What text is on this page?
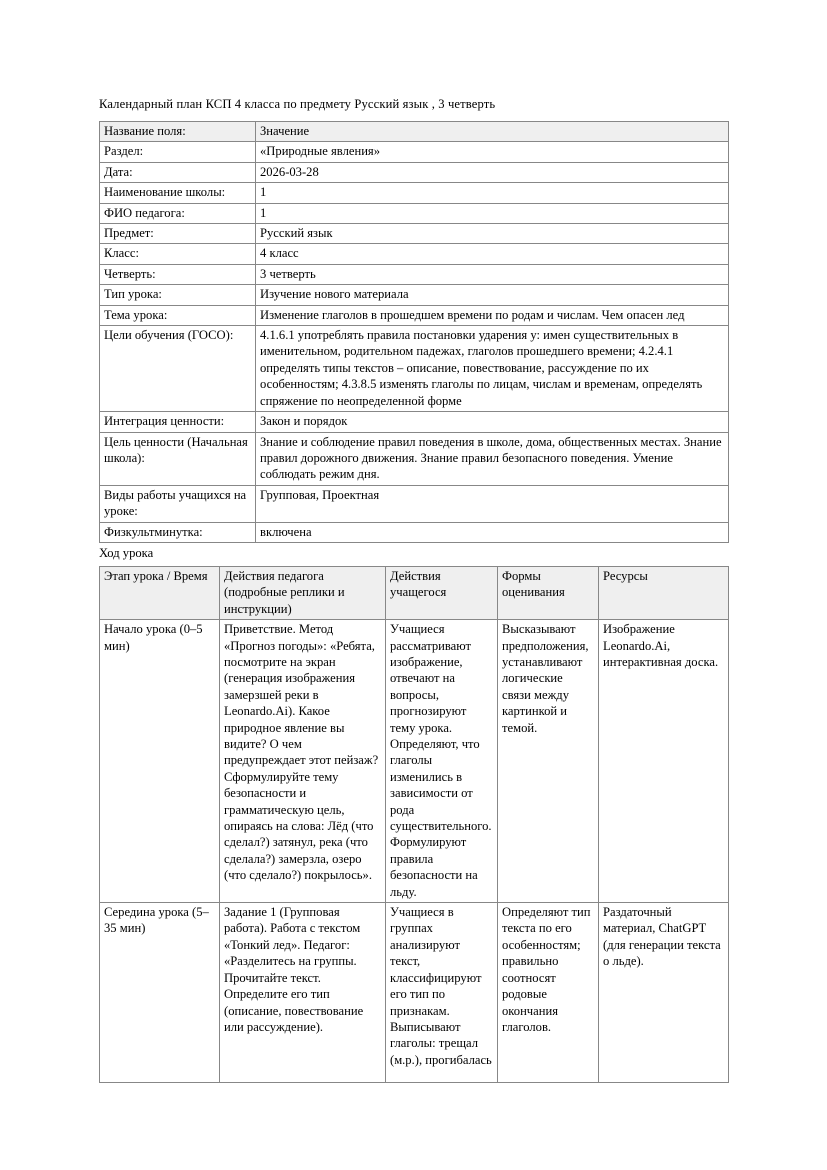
Календарный план КСП 4 класса по предмету Русский язык , 3 четверть
Название поля:	Значение
Раздел:	«Природные явления»
Дата:	2026-03-28
Наименование школы:	1
ФИО педагога:	1
Предмет:	Русский язык
Класс:	4 класс
Четверть:	3 четверть
Тип урока:	Изучение нового материала
Тема урока:	Изменение глаголов в прошедшем времени по родам и числам. Чем опасен лед
Цели обучения (ГОСО):	4.1.6.1 употреблять правила постановки ударения у: имен существительных в именительном, родительном падежах, глаголов прошедшего времени; 4.2.4.1 определять типы текстов – описание, повествование, рассуждение по их особенностям; 4.3.8.5 изменять глаголы по лицам, числам и временам, определять спряжение по неопределенной форме
Интеграция ценности:	Закон и порядок
Цель ценности (Начальная школа):	Знание и соблюдение правил поведения в школе, дома, общественных местах. Знание правил дорожного движения. Знание правил безопасного поведения. Умение соблюдать режим дня.
Виды работы учащихся на уроке:	Групповая, Проектная
Физкультминутка:	включена
Ход урока
Этап урока / Время	Действия педагога (подробные реплики и инструкции)	Действия учащегося	Формы оценивания	Ресурсы
Начало урока (0–5 мин)	Приветствие. Метод «Прогноз погоды»: «Ребята, посмотрите на экран (генерация изображения замерзшей реки в Leonardo.Ai). Какое природное явление вы видите? О чем предупреждает этот пейзаж? Сформулируйте тему безопасности и грамматическую цель, опираясь на слова: Лёд (что сделал?) затянул, река (что сделала?) замерзла, озеро (что сделало?) покрылось».	Учащиеся рассматривают изображение, отвечают на вопросы, прогнозируют тему урока. Определяют, что глаголы изменились в зависимости от рода существительного. Формулируют правила безопасности на льду.	Высказывают предположения, устанавливают логические связи между картинкой и темой.	Изображение Leonardo.Ai, интерактивная доска.
Середина урока (5–35 мин)	Задание 1 (Групповая работа). Работа с текстом «Тонкий лед». Педагог: «Разделитесь на группы. Прочитайте текст. Определите его тип (описание, повествование или рассуждение).	Учащиеся в группах анализируют текст, классифицируют его тип по признакам. Выписывают глаголы: трещал (м.р.), прогибалась	Определяют тип текста по его особенностям; правильно соотносят родовые окончания глаголов.	Раздаточный материал, ChatGPT (для генерации текста о льде).
